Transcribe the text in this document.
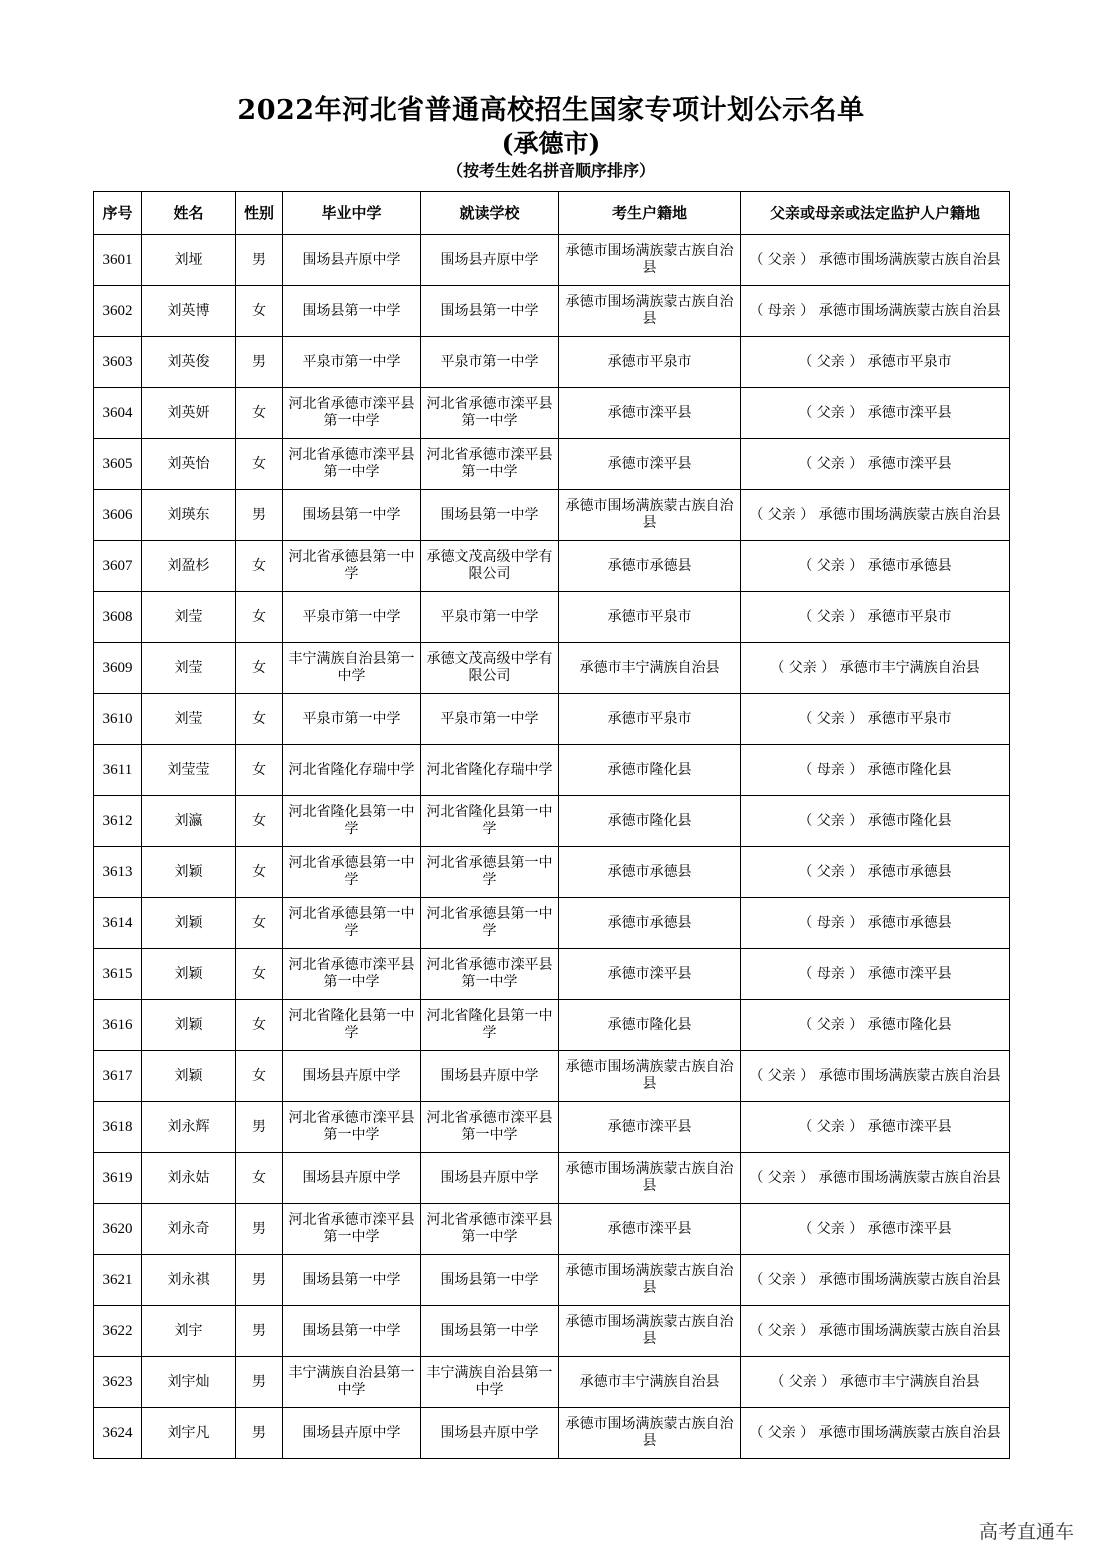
2022年河北省普通高校招生国家专项计划公示名单
(承德市)
（按考生姓名拼音顺序排序）
序号	姓名	性别	毕业中学	就读学校	考生户籍地	父亲或母亲或法定监护人户籍地
3601	刘垭	男	围场县卉原中学	围场县卉原中学	承德市围场满族蒙古族自治县	（ 父亲 ） 承德市围场满族蒙古族自治县
3602	刘英博	女	围场县第一中学	围场县第一中学	承德市围场满族蒙古族自治县	（ 母亲 ） 承德市围场满族蒙古族自治县
3603	刘英俊	男	平泉市第一中学	平泉市第一中学	承德市平泉市	（ 父亲 ） 承德市平泉市
3604	刘英妍	女	河北省承德市滦平县第一中学	河北省承德市滦平县第一中学	承德市滦平县	（ 父亲 ） 承德市滦平县
3605	刘英怡	女	河北省承德市滦平县第一中学	河北省承德市滦平县第一中学	承德市滦平县	（ 父亲 ） 承德市滦平县
3606	刘瑛东	男	围场县第一中学	围场县第一中学	承德市围场满族蒙古族自治县	（ 父亲 ） 承德市围场满族蒙古族自治县
3607	刘盈杉	女	河北省承德县第一中学	承德文茂高级中学有限公司	承德市承德县	（ 父亲 ） 承德市承德县
3608	刘莹	女	平泉市第一中学	平泉市第一中学	承德市平泉市	（ 父亲 ） 承德市平泉市
3609	刘莹	女	丰宁满族自治县第一中学	承德文茂高级中学有限公司	承德市丰宁满族自治县	（ 父亲 ） 承德市丰宁满族自治县
3610	刘莹	女	平泉市第一中学	平泉市第一中学	承德市平泉市	（ 父亲 ） 承德市平泉市
3611	刘莹莹	女	河北省隆化存瑞中学	河北省隆化存瑞中学	承德市隆化县	（ 母亲 ） 承德市隆化县
3612	刘瀛	女	河北省隆化县第一中学	河北省隆化县第一中学	承德市隆化县	（ 父亲 ） 承德市隆化县
3613	刘颖	女	河北省承德县第一中学	河北省承德县第一中学	承德市承德县	（ 父亲 ） 承德市承德县
3614	刘颖	女	河北省承德县第一中学	河北省承德县第一中学	承德市承德县	（ 母亲 ） 承德市承德县
3615	刘颖	女	河北省承德市滦平县第一中学	河北省承德市滦平县第一中学	承德市滦平县	（ 母亲 ） 承德市滦平县
3616	刘颖	女	河北省隆化县第一中学	河北省隆化县第一中学	承德市隆化县	（ 父亲 ） 承德市隆化县
3617	刘颖	女	围场县卉原中学	围场县卉原中学	承德市围场满族蒙古族自治县	（ 父亲 ） 承德市围场满族蒙古族自治县
3618	刘永辉	男	河北省承德市滦平县第一中学	河北省承德市滦平县第一中学	承德市滦平县	（ 父亲 ） 承德市滦平县
3619	刘永姑	女	围场县卉原中学	围场县卉原中学	承德市围场满族蒙古族自治县	（ 父亲 ） 承德市围场满族蒙古族自治县
3620	刘永奇	男	河北省承德市滦平县第一中学	河北省承德市滦平县第一中学	承德市滦平县	（ 父亲 ） 承德市滦平县
3621	刘永祺	男	围场县第一中学	围场县第一中学	承德市围场满族蒙古族自治县	（ 父亲 ） 承德市围场满族蒙古族自治县
3622	刘宇	男	围场县第一中学	围场县第一中学	承德市围场满族蒙古族自治县	（ 父亲 ） 承德市围场满族蒙古族自治县
3623	刘宇灿	男	丰宁满族自治县第一中学	丰宁满族自治县第一中学	承德市丰宁满族自治县	（ 父亲 ） 承德市丰宁满族自治县
3624	刘宇凡	男	围场县卉原中学	围场县卉原中学	承德市围场满族蒙古族自治县	（ 父亲 ） 承德市围场满族蒙古族自治县
高考直通车
